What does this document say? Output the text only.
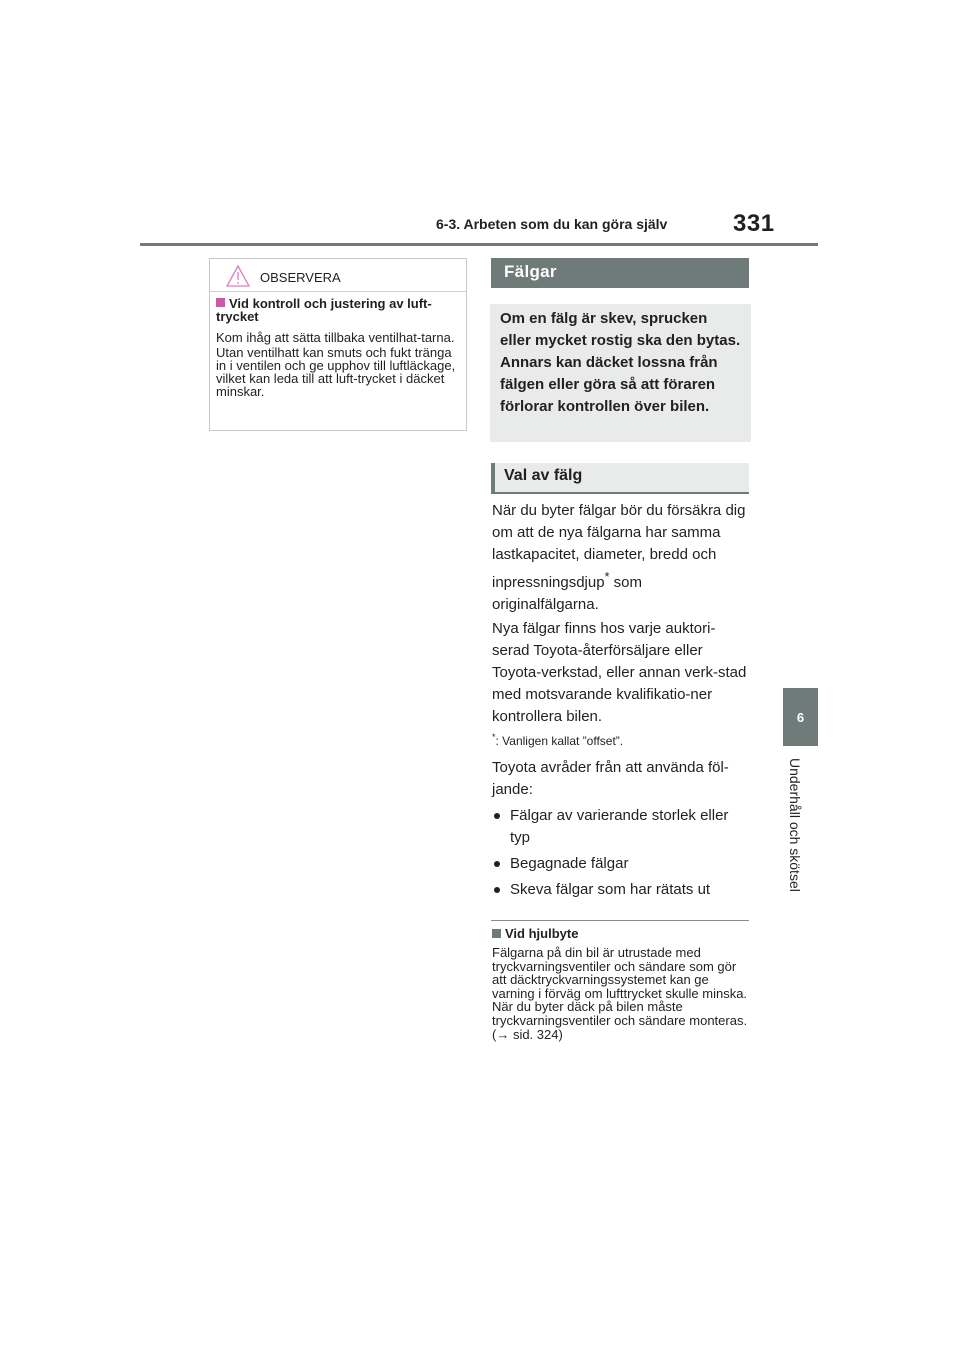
6-3. Arbeten som du kan göra själv	331
6
Underhåll och skötsel
OBSERVERA
Vid kontroll och justering av luft-trycket

Kom ihåg att sätta tillbaka ventilhat-tarna.

Utan ventilhatt kan smuts och fukt tränga in i ventilen och ge upphov till luftläckage, vilket kan leda till att luft-trycket i däcket minskar.

Fälgar
Om en fälg är skev, sprucken eller mycket rostig ska den bytas. Annars kan däcket lossna från fälgen eller göra så att föraren förlorar kontrollen över bilen.
Val av fälg
När du byter fälgar bör du försäkra dig om att de nya fälgarna har samma lastkapacitet, diameter, bredd och inpressningsdjup* som originalfälgarna.
Nya fälgar finns hos varje auktori-serad Toyota-återförsäljare eller Toyota-verkstad, eller annan verk-stad med motsvarande kvalifikatio-ner kontrollera bilen.
*: Vanligen kallat ”offset”.
Toyota avråder från att använda föl-jande:
Fälgar av varierande storlek eller typ
Begagnade fälgar
Skeva fälgar som har rätats ut
Vid hjulbyte
Fälgarna på din bil är utrustade med tryckvarningsventiler och sändare som gör att däcktryckvarningssystemet kan ge varning i förväg om lufttrycket skulle minska. När du byter däck på bilen måste tryckvarningsventiler och sändare monteras. (→ sid. 324)
